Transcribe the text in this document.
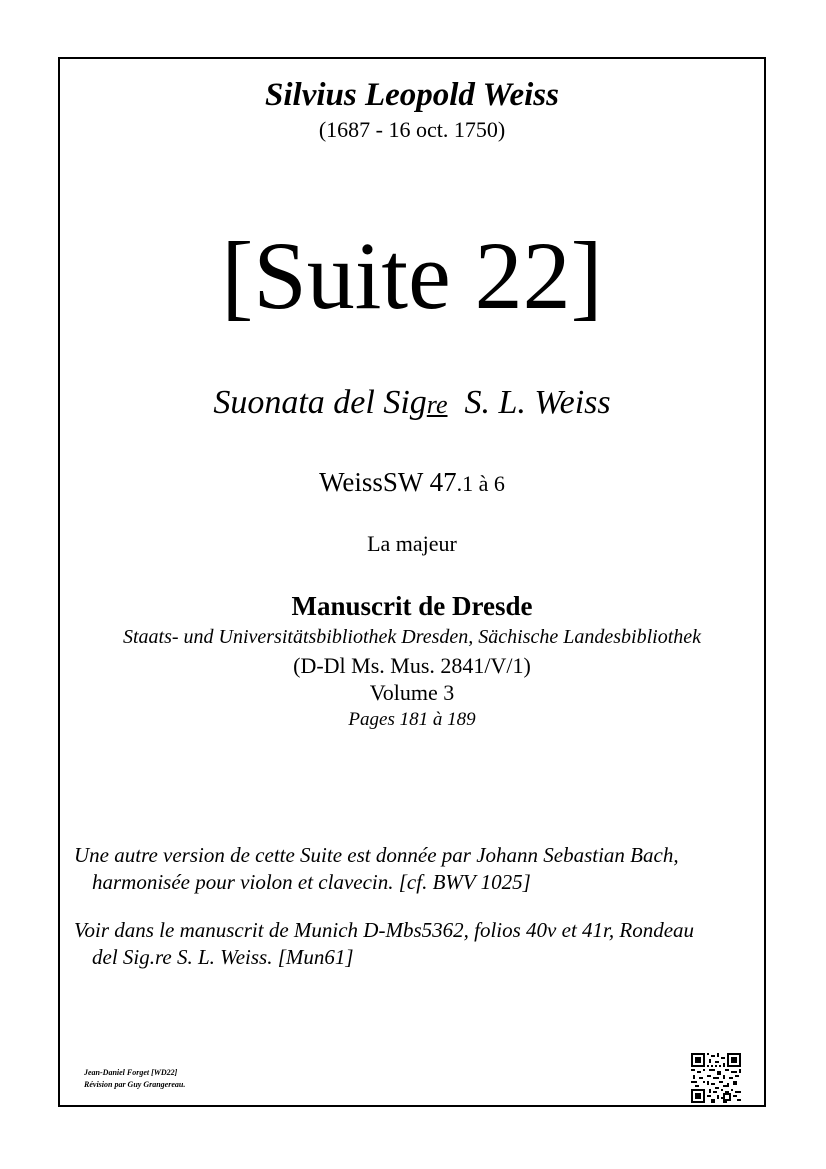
Silvius Leopold Weiss
(1687 - 16 oct. 1750)
[Suite 22]
Suonata del Sigre S. L. Weiss
WeissSW 47.1 à 6
La majeur
Manuscrit de Dresde
Staats- und Universitätsbibliothek Dresden, Sächische Landesbibliothek
(D-Dl Ms. Mus. 2841/V/1)
Volume 3
Pages 181 à 189
Une autre version de cette Suite est donnée par Johann Sebastian Bach,
harmonisée pour violon et clavecin. [cf. BWV 1025]
Voir dans le manuscrit de Munich D-Mbs5362, folios 40v et 41r, Rondeau
del Sig.re S. L. Weiss. [Mun61]
Jean-Daniel Forget [WD22]
Révision par Guy Grangereau.
